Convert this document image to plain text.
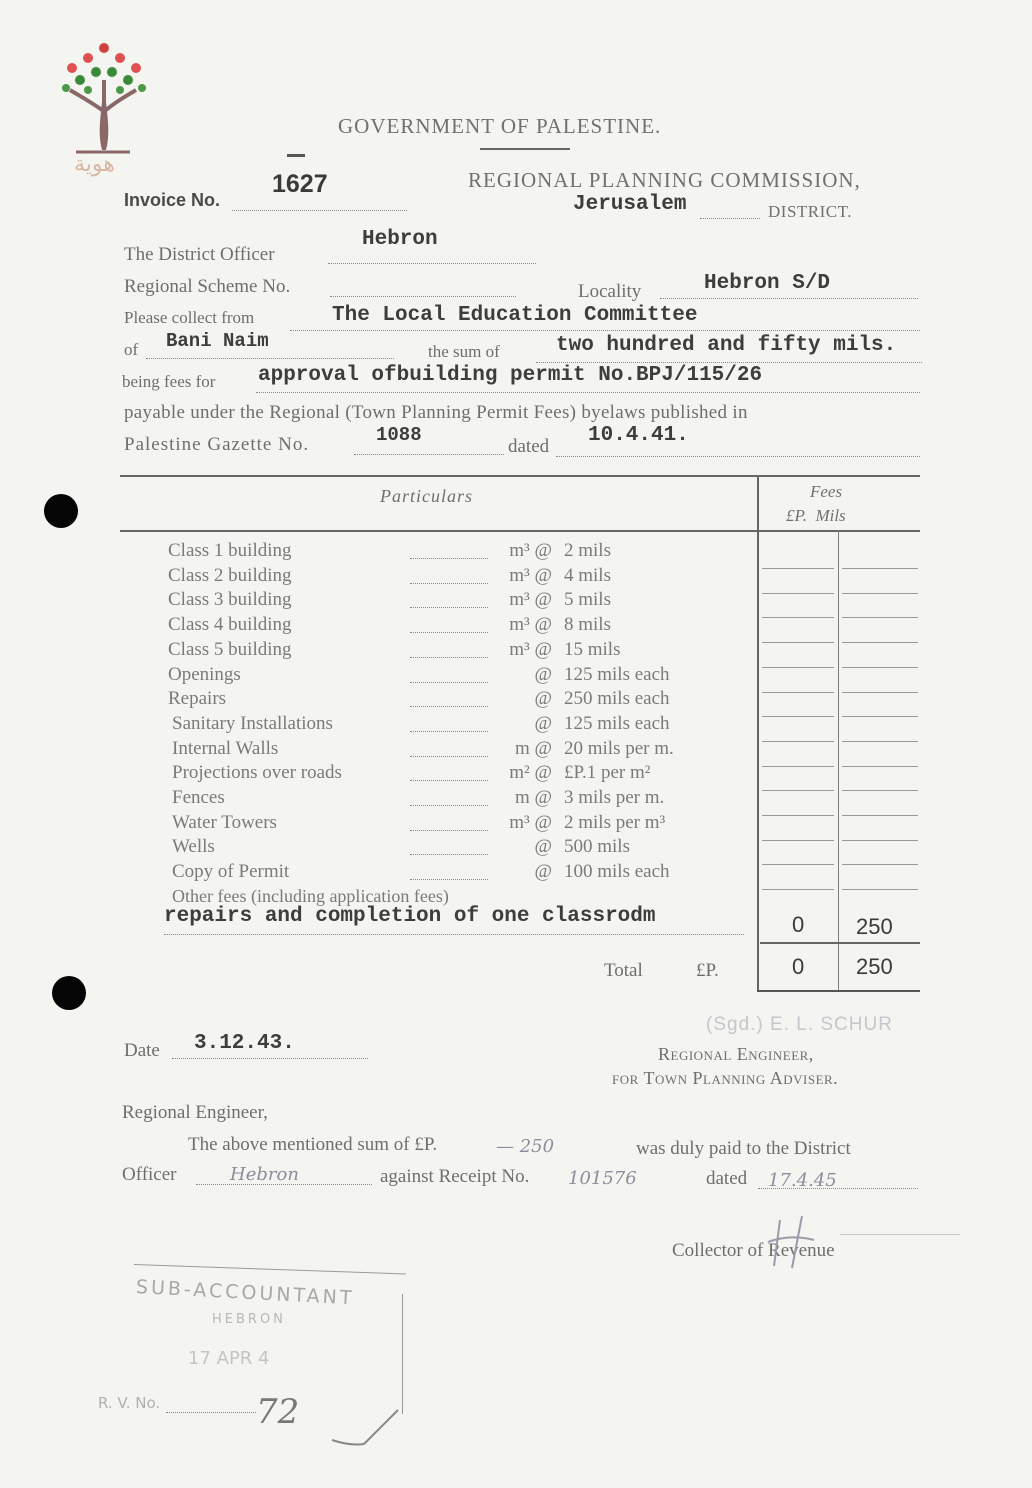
هوية
GOVERNMENT OF PALESTINE.
REGIONAL PLANNING COMMISSION,
Invoice No.
1627
Jerusalem	DISTRICT.
The District Officer
Hebron
Regional Scheme No.	Locality	Hebron S/D
Please collect from	The Local Education Committee
of Bani Naim	the sum of	two hundred and fifty mils.
being fees for approval ofbuilding permit No.BPJ/115/26
payable under the Regional (Town Planning Permit Fees) byelaws published in
Palestine Gazette No.	1088
dated 10.4.41.
Particulars	Fees
£P.  Mils
Class 1 building	m³ @ 2 mils
Class 2 building	m³ @ 4 mils
Class 3 building	m³ @ 5 mils
Class 4 building	m³ @ 8 mils
Class 5 building	m³ @ 15 mils
Openings	@ 125 mils each
Repairs	@ 250 mils each
Sanitary Installations	@ 125 mils each
Internal Walls	m @ 20 mils per m.
Projections over roads	m² @ £P.1 per m²
Fences	m @ 3 mils per m.
Water Towers	m³ @ 2 mils per m³
Wells	@ 500 mils
Copy of Permit	@ 100 mils each
Other fees (including application fees)
repairs and completion of one classrodm	0 250
Total	£P.	0 250
Date 3.12.43.
(Sgd.) E. L. SCHUR
Regional Engineer,
for Town Planning Adviser.
Regional Engineer,
The above mentioned sum of £P.	— 250	was duly paid to the District
Officer	Hebron	against Receipt No. 101576	dated 17.4.45
Collector of Revenue
SUB-ACCOUNTANT
HEBRON
17 APR 4
R. V. No.	72
